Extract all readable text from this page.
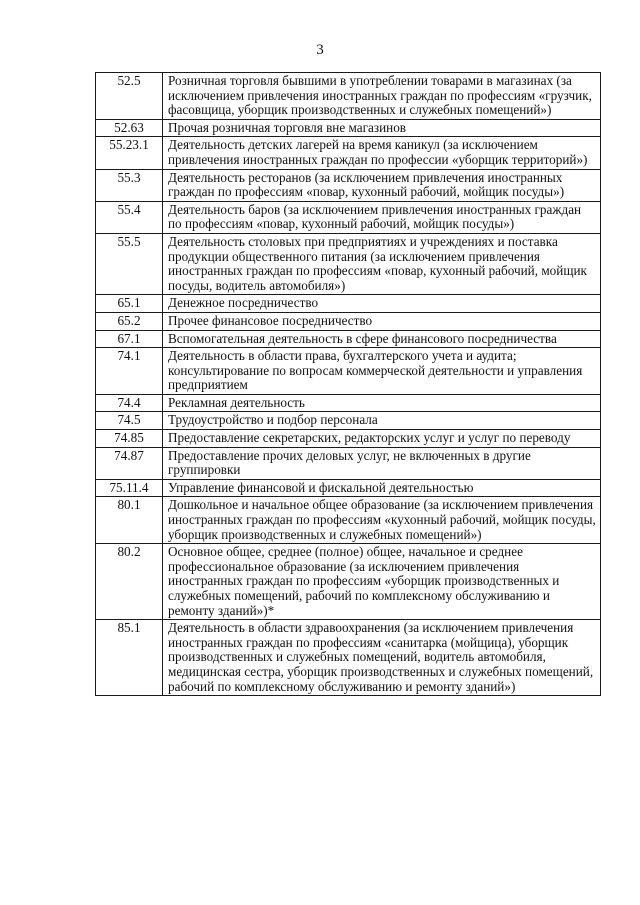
3
52.5	Розничная торговля бывшими в употреблении товарами в магазинах (за исключением привлечения иностранных граждан по профессиям «грузчик, фасовщица, уборщик производственных и служебных помещений»)
52.63	Прочая розничная торговля вне магазинов
55.23.1	Деятельность детских лагерей на время каникул (за исключением привлечения иностранных граждан по профессии «уборщик территорий»)
55.3	Деятельность ресторанов (за исключением привлечения иностранных граждан по профессиям «повар, кухонный рабочий, мойщик посуды»)
55.4	Деятельность баров (за исключением привлечения иностранных граждан по профессиям «повар, кухонный рабочий, мойщик посуды»)
55.5	Деятельность столовых при предприятиях и учреждениях и поставка продукции общественного питания (за исключением привлечения иностранных граждан по профессиям «повар, кухонный рабочий, мойщик посуды, водитель автомобиля»)
65.1	Денежное посредничество
65.2	Прочее финансовое посредничество
67.1	Вспомогательная деятельность в сфере финансового посредничества
74.1	Деятельность в области права, бухгалтерского учета и аудита; консультирование по вопросам коммерческой деятельности и управления предприятием
74.4	Рекламная деятельность
74.5	Трудоустройство и подбор персонала
74.85	Предоставление секретарских, редакторских услуг и услуг по переводу
74.87	Предоставление прочих деловых услуг, не включенных в другие группировки
75.11.4	Управление финансовой и фискальной деятельностью
80.1	Дошкольное и начальное общее образование (за исключением привлечения иностранных граждан по профессиям «кухонный рабочий, мойщик посуды, уборщик производственных и служебных помещений»)
80.2	Основное общее, среднее (полное) общее, начальное и среднее профессиональное образование (за исключением привлечения иностранных граждан по профессиям «уборщик производственных и служебных помещений, рабочий по комплексному обслуживанию и ремонту зданий»)*
85.1	Деятельность в области здравоохранения (за исключением привлечения иностранных граждан по профессиям «санитарка (мойщица), уборщик производственных и служебных помещений, водитель автомобиля, медицинская сестра, уборщик производственных и служебных помещений, рабочий по комплексному обслуживанию и ремонту зданий»)
